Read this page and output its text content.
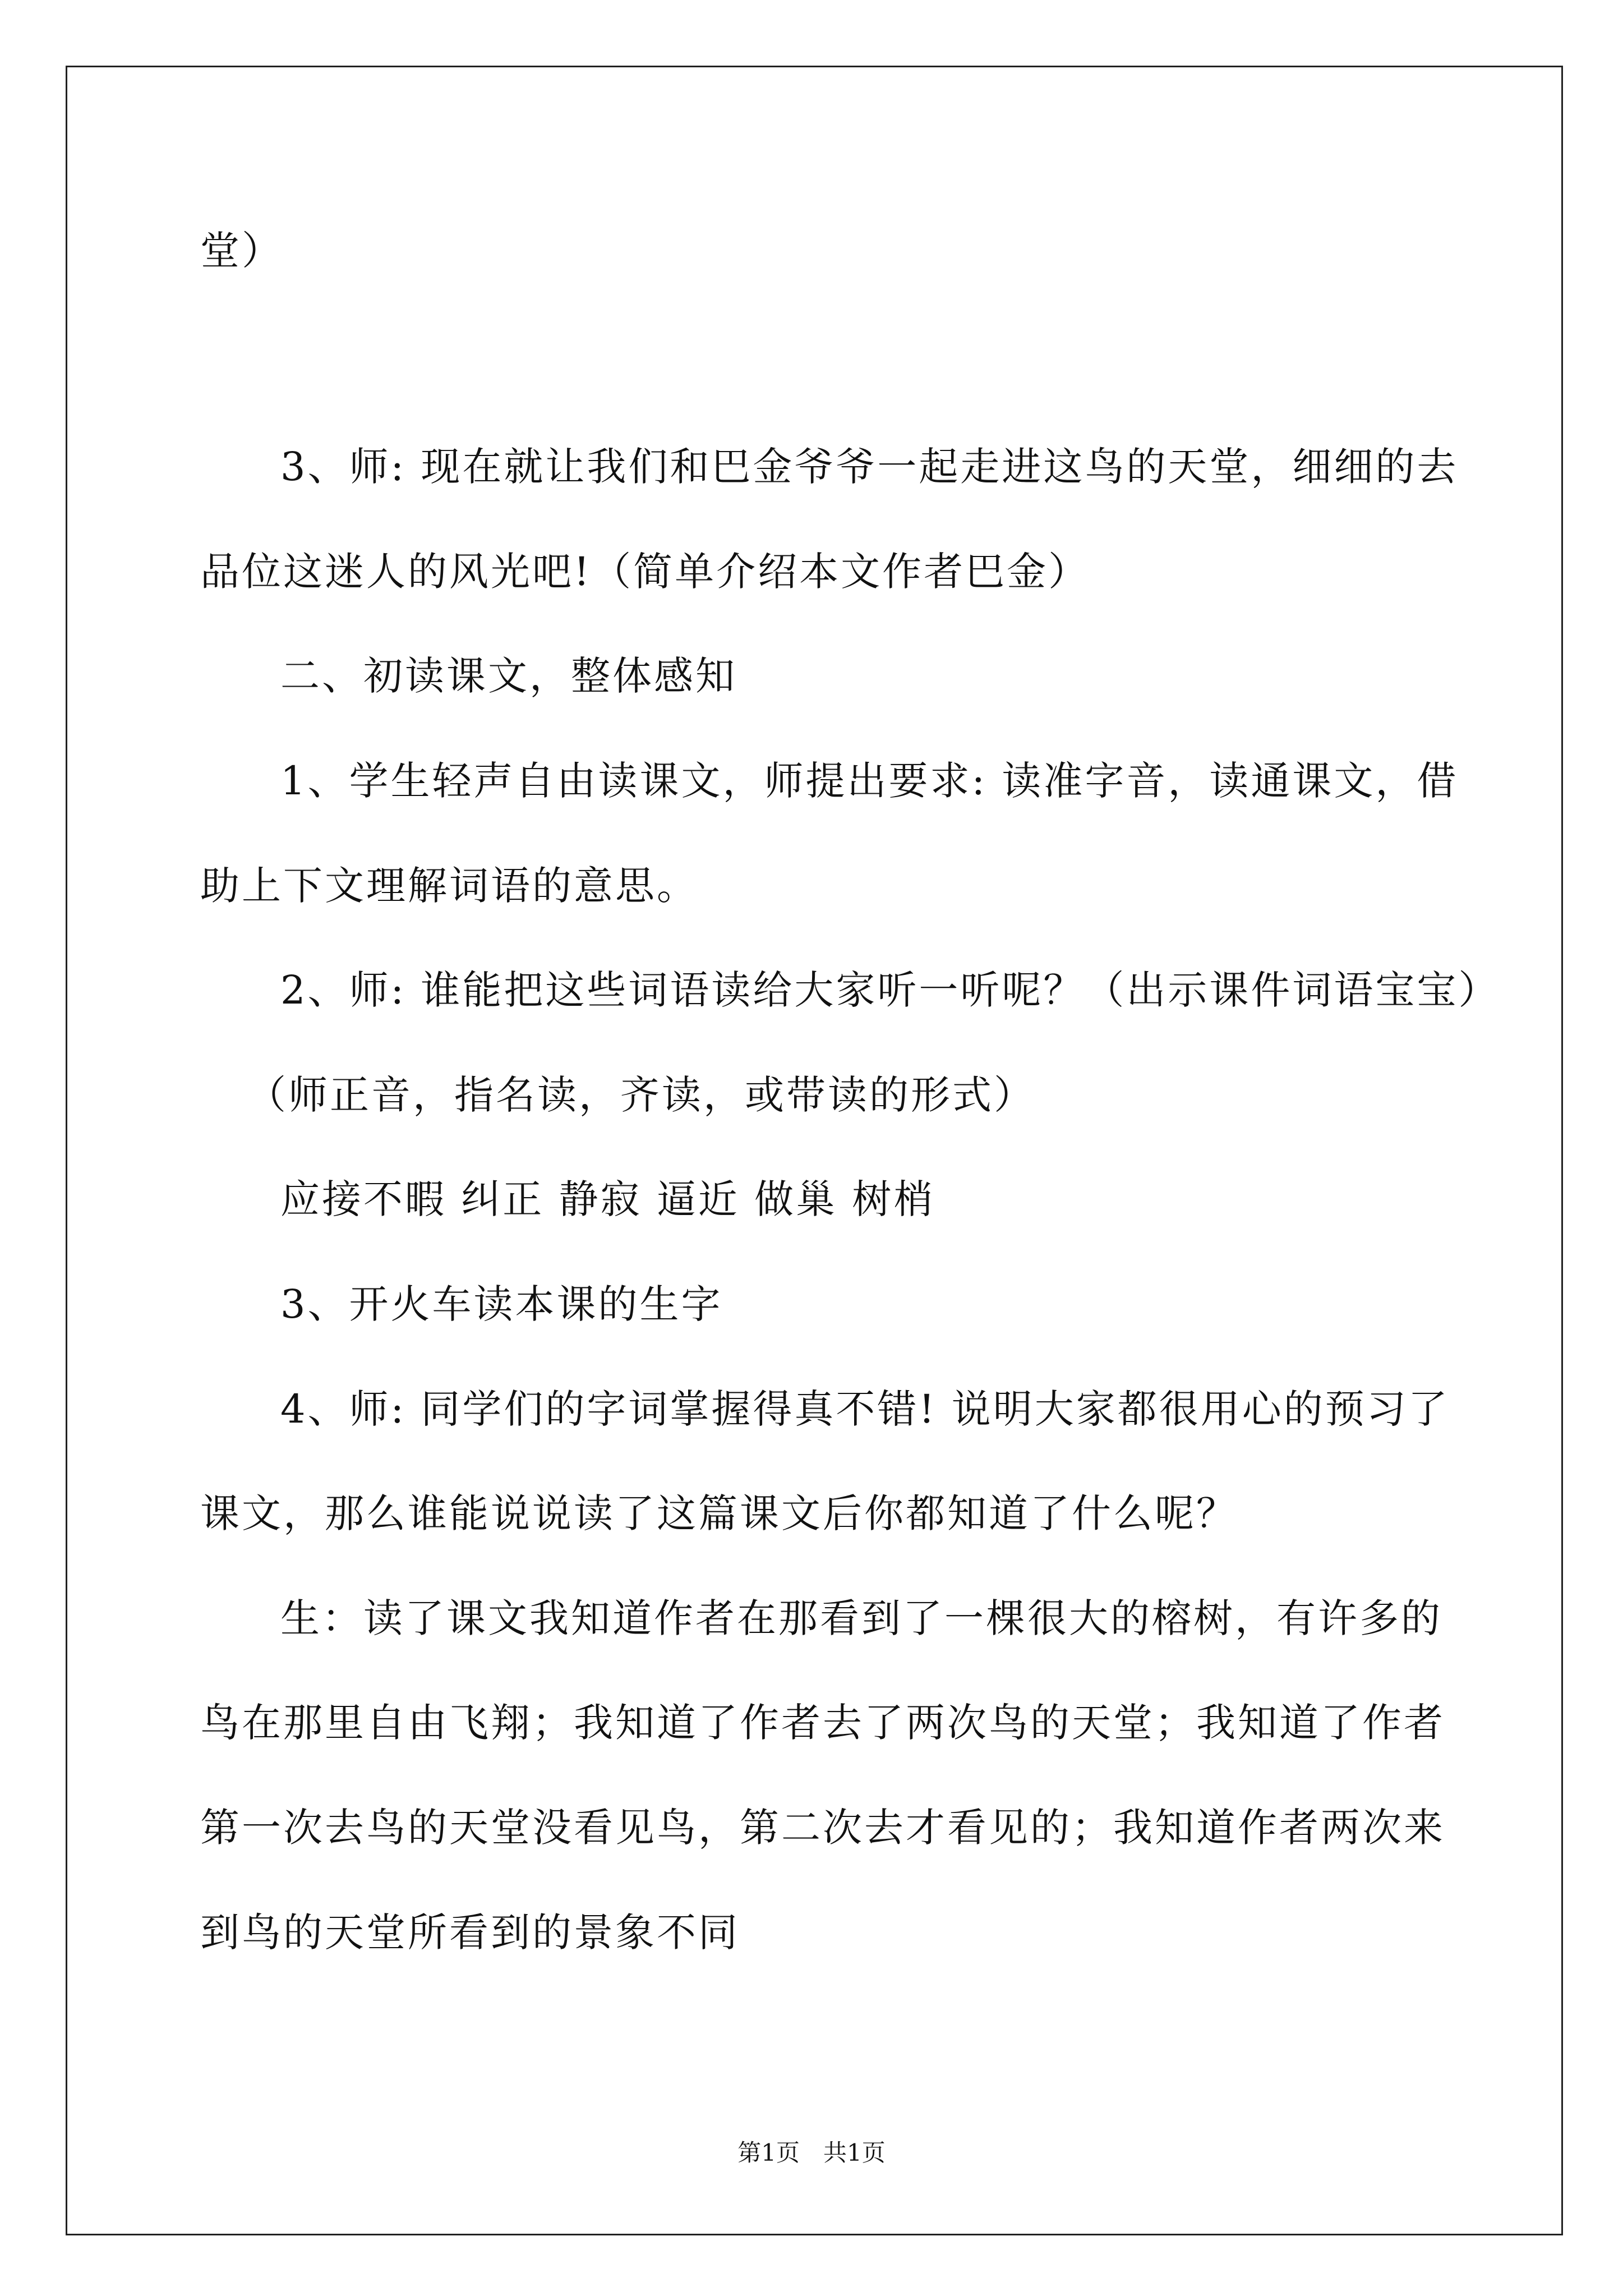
堂）
3、师: 现在就让我们和巴金爷爷一起走进这鸟的天堂，细细的去
品位这迷人的风光吧!（简单介绍本文作者巴金）
二、初读课文，整体感知
1、学生轻声自由读课文，师提出要求: 读准字音，读通课文，借
助上下文理解词语的意思。
2、师: 谁能把这些词语读给大家听一听呢？（出示课件词语宝宝）
（师正音，指名读，齐读，或带读的形式）
应接不暇 纠正 静寂 逼近 做巢 树梢
3、开火车读本课的生字
4、师: 同学们的字词掌握得真不错! 说明大家都很用心的预习了
课文，那么谁能说说读了这篇课文后你都知道了什么呢？
生：读了课文我知道作者在那看到了一棵很大的榕树，有许多的
鸟在那里自由飞翔；我知道了作者去了两次鸟的天堂；我知道了作者
第一次去鸟的天堂没看见鸟，第二次去才看见的；我知道作者两次来
到鸟的天堂所看到的景象不同
第1页　共1页
